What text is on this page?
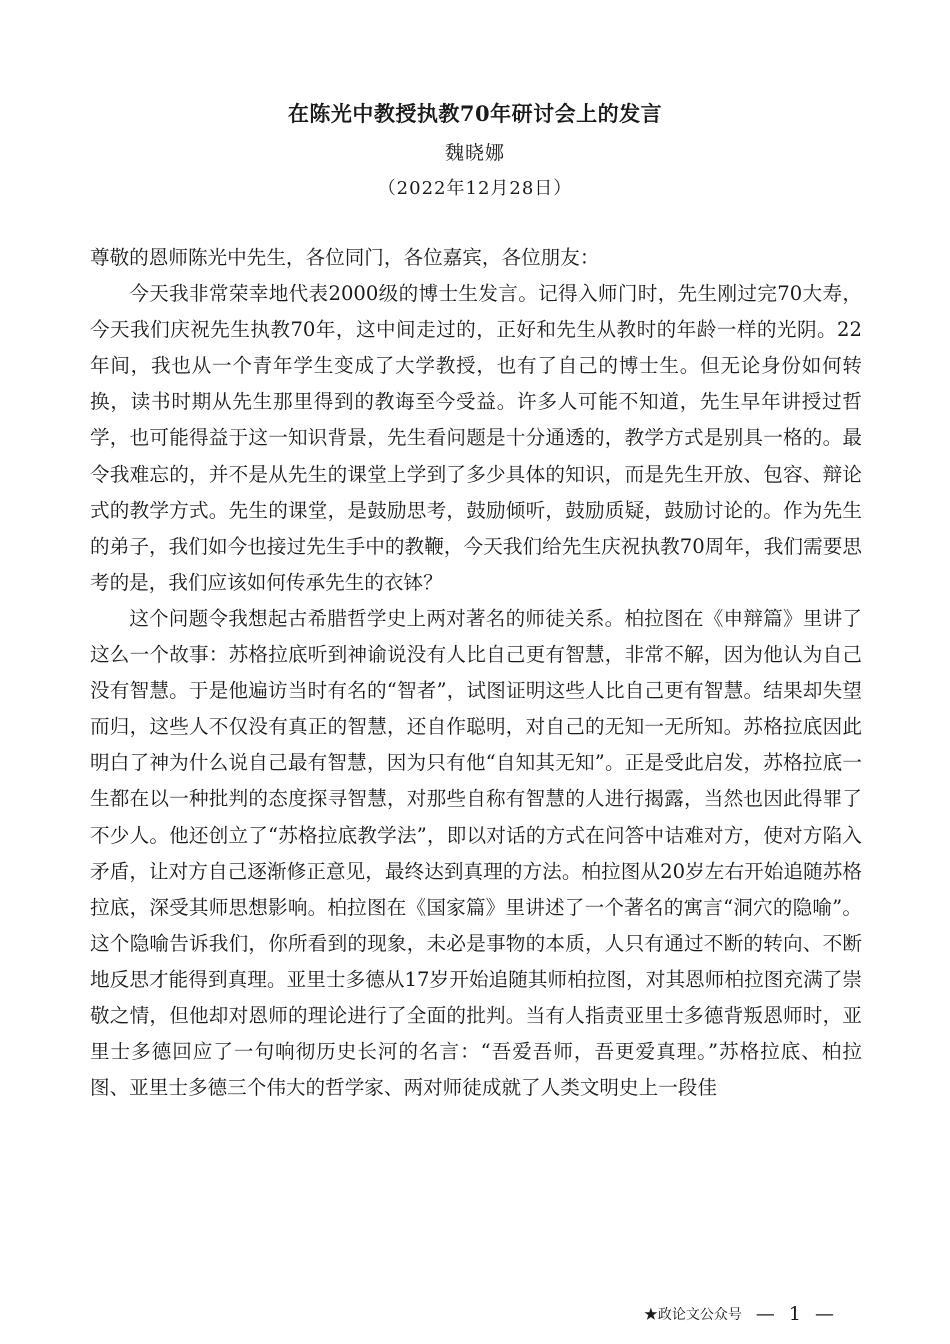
在陈光中教授执教70年研讨会上的发言
魏晓娜
（2022年12月28日）

尊敬的恩师陈光中先生，各位同门，各位嘉宾，各位朋友：

今天我非常荣幸地代表2000级的博士生发言。记得入师门时，先生刚过完70大寿，今天我们庆祝先生执教70年，这中间走过的，正好和先生从教时的年龄一样的光阴。22年间，我也从一个青年学生变成了大学教授，也有了自己的博士生。但无论身份如何转换，读书时期从先生那里得到的教诲至今受益。许多人可能不知道，先生早年讲授过哲学，也可能得益于这一知识背景，先生看问题是十分通透的，教学方式是别具一格的。最令我难忘的，并不是从先生的课堂上学到了多少具体的知识，而是先生开放、包容、辩论式的教学方式。先生的课堂，是鼓励思考，鼓励倾听，鼓励质疑，鼓励讨论的。作为先生的弟子，我们如今也接过先生手中的教鞭，今天我们给先生庆祝执教70周年，我们需要思考的是，我们应该如何传承先生的衣钵？

这个问题令我想起古希腊哲学史上两对著名的师徒关系。柏拉图在《申辩篇》里讲了这么一个故事：苏格拉底听到神谕说没有人比自己更有智慧，非常不解，因为他认为自己没有智慧。于是他遍访当时有名的“智者”，试图证明这些人比自己更有智慧。结果却失望而归，这些人不仅没有真正的智慧，还自作聪明，对自己的无知一无所知。苏格拉底因此明白了神为什么说自己最有智慧，因为只有他“自知其无知”。正是受此启发，苏格拉底一生都在以一种批判的态度探寻智慧，对那些自称有智慧的人进行揭露，当然也因此得罪了不少人。他还创立了“苏格拉底教学法”，即以对话的方式在问答中诘难对方，使对方陷入矛盾，让对方自己逐渐修正意见，最终达到真理的方法。柏拉图从20岁左右开始追随苏格拉底，深受其师思想影响。柏拉图在《国家篇》里讲述了一个著名的寓言“洞穴的隐喻”。这个隐喻告诉我们，你所看到的现象，未必是事物的本质，人只有通过不断的转向、不断地反思才能得到真理。亚里士多德从17岁开始追随其师柏拉图，对其恩师柏拉图充满了崇敬之情，但他却对恩师的理论进行了全面的批判。当有人指责亚里士多德背叛恩师时，亚里士多德回应了一句响彻历史长河的名言：“吾爱吾师，吾更爱真理。”苏格拉底、柏拉图、亚里士多德三个伟大的哲学家、两对师徒成就了人类文明史上一段佳

★政论文公众号 — 1 —
